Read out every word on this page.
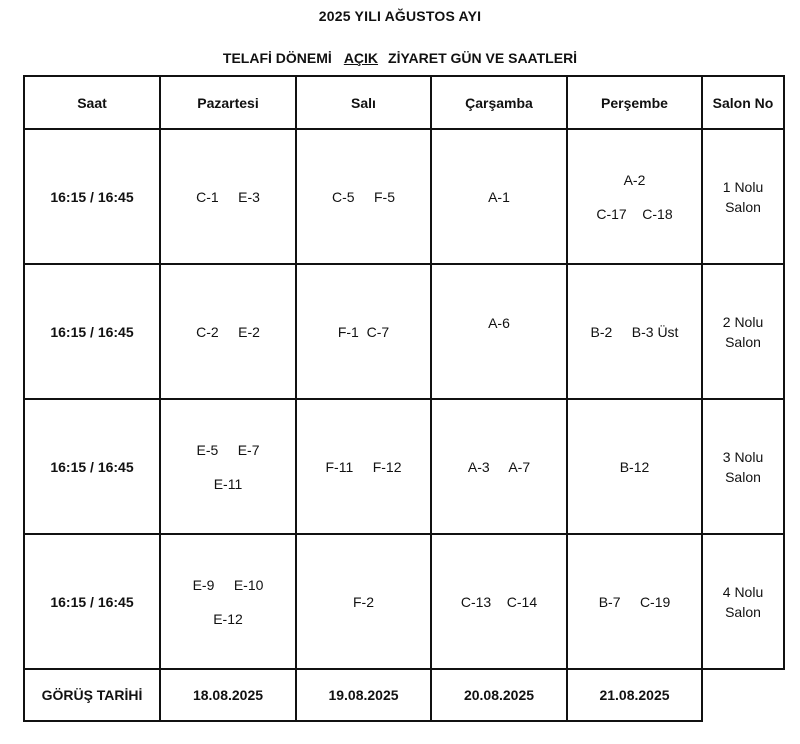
2025 YILI AĞUSTOS AYI
TELAFİ DÖNEMİ AÇIK ZİYARET GÜN VE SAATLERİ
Saat	Pazartesi	Salı	Çarşamba	Perşembe	Salon No
16:15 / 16:45	C-1     E-3	C-5     F-5	A-1	A-2
C-17    C-18	1 Nolu
Salon

16:15 / 16:45	C-2     E-2	F-1  C-7	A-6	B-2     B-3 Üst	2 Nolu
Salon

16:15 / 16:45	E-5     E-7
E-11	F-11     F-12	A-3     A-7	B-12	3 Nolu
Salon

16:15 / 16:45	E-9     E-10
E-12	F-2	C-13    C-14	B-7     C-19	4 Nolu
Salon

GÖRÜŞ TARİHİ	18.08.2025	19.08.2025	20.08.2025	21.08.2025	
